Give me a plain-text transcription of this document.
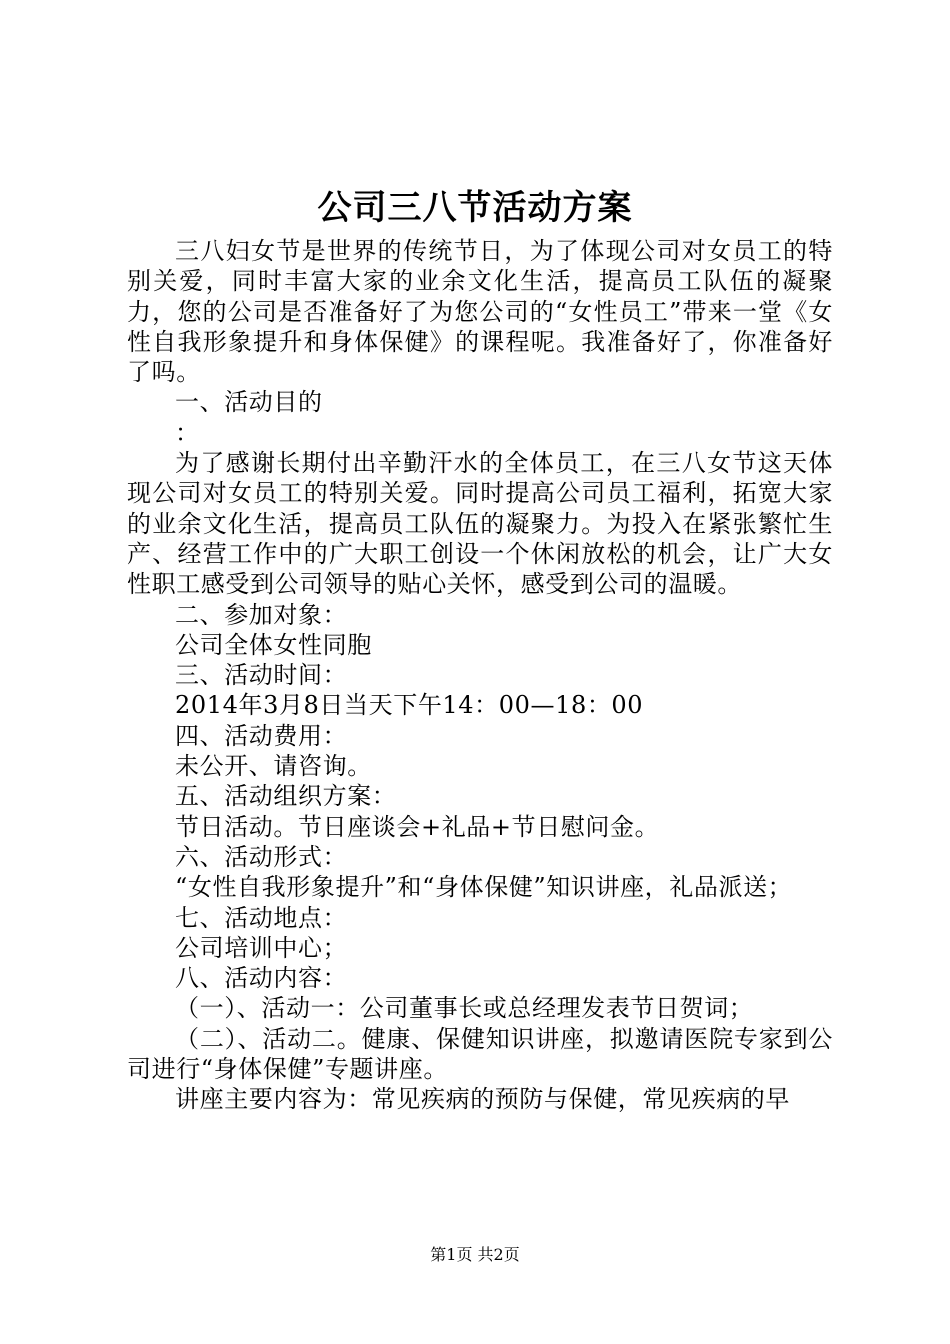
公司三八节活动方案

三八妇女节是世界的传统节日，为了体现公司对女员工的特别关爱，同时丰富大家的业余文化生活，提高员工队伍的凝聚力，您的公司是否准备好了为您公司的“女性员工”带来一堂《女性自我形象提升和身体保健》的课程呢。我准备好了，你准备好了吗。

一、活动目的

：

为了感谢长期付出辛勤汗水的全体员工，在三八女节这天体现公司对女员工的特别关爱。同时提高公司员工福利，拓宽大家的业余文化生活，提高员工队伍的凝聚力。为投入在紧张繁忙生产、经营工作中的广大职工创设一个休闲放松的机会，让广大女性职工感受到公司领导的贴心关怀，感受到公司的温暖。

二、参加对象：

公司全体女性同胞

三、活动时间：

2014年3月8日当天下午14：00—18：00

四、活动费用：

未公开、请咨询。

五、活动组织方案：

节日活动。节日座谈会+礼品+节日慰问金。

六、活动形式：

“女性自我形象提升”和“身体保健”知识讲座，礼品派送；

七、活动地点：

公司培训中心；

八、活动内容：

（一）、活动一：公司董事长或总经理发表节日贺词；

（二）、活动二。健康、保健知识讲座，拟邀请医院专家到公司进行“身体保健”专题讲座。

讲座主要内容为：常见疾病的预防与保健，常见疾病的早

第1页 共2页
